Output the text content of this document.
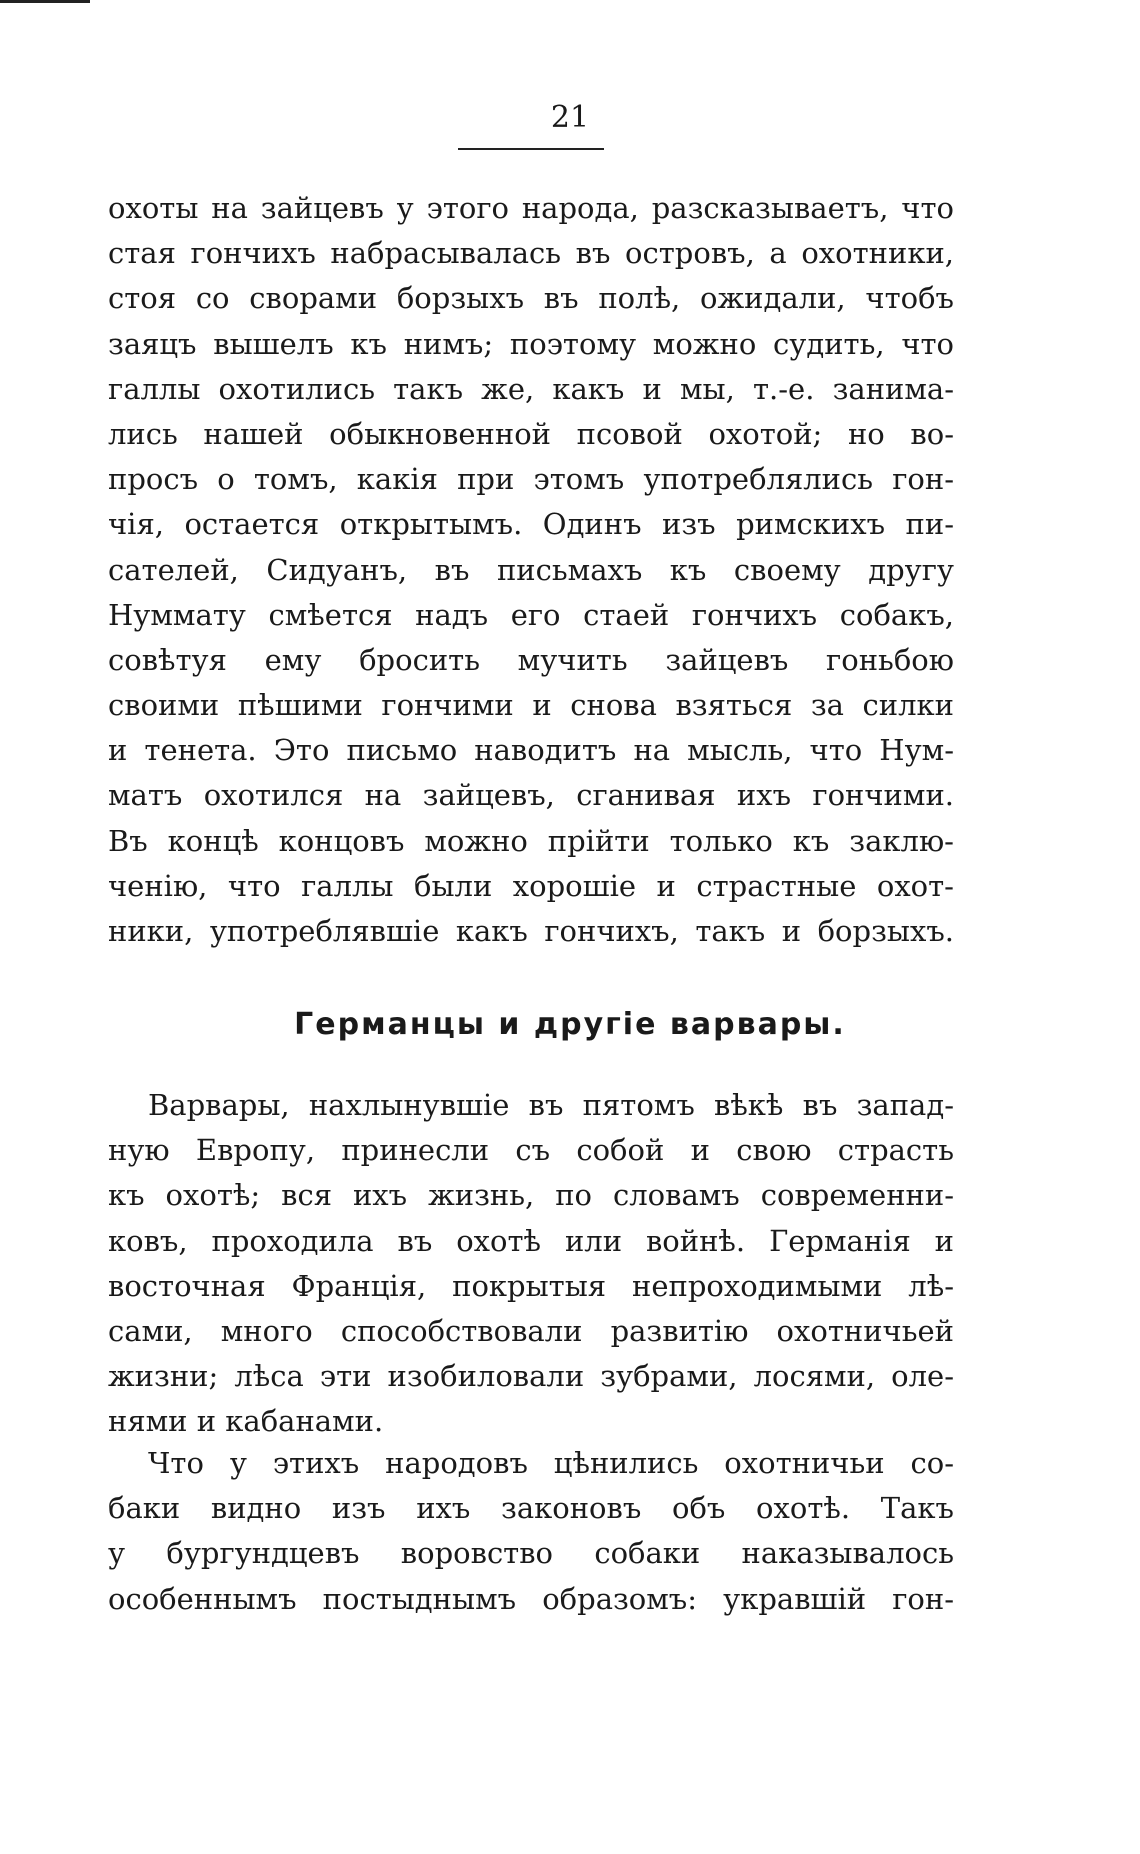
21
охоты на зайцевъ у этого народа, разсказываетъ, что
стая гончихъ набрасывалась въ островъ, а охотники,
стоя со сворами борзыхъ въ полѣ, ожидали, чтобъ
заяцъ вышелъ къ нимъ; поэтому можно судить, что
галлы охотились такъ же, какъ и мы, т.-е. занима-
лись нашей обыкновенной псовой охотой; но во-
просъ о томъ, какiя при этомъ употреблялись гон-
чiя, остается открытымъ. Одинъ изъ римскихъ пи-
сателей, Сидуанъ, въ письмахъ къ своему другу
Нуммату смѣется надъ его стаей гончихъ собакъ,
совѣтуя ему бросить мучить зайцевъ гоньбою
своими пѣшими гончими и снова взяться за силки
и тенета. Это письмо наводитъ на мысль, что Нум-
матъ охотился на зайцевъ, сганивая ихъ гончими.
Въ концѣ концовъ можно прiйти только къ заклю-
ченiю, что галлы были хорошiе и страстные охот-
ники, употреблявшiе какъ гончихъ, такъ и борзыхъ.
Германцы и другiе варвары.
Варвары, нахлынувшiе въ пятомъ вѣкѣ въ запад-
ную Европу, принесли съ собой и свою страсть
къ охотѣ; вся ихъ жизнь, по словамъ современни-
ковъ, проходила въ охотѣ или войнѣ. Германiя и
восточная Францiя, покрытыя непроходимыми лѣ-
сами, много способствовали развитiю охотничьей
жизни; лѣса эти изобиловали зубрами, лосями, оле-
нями и кабанами.
Что у этихъ народовъ цѣнились охотничьи со-
баки видно изъ ихъ законовъ объ охотѣ. Такъ
у бургундцевъ воровство собаки наказывалось
особеннымъ постыднымъ образомъ: укравшiй гон-
